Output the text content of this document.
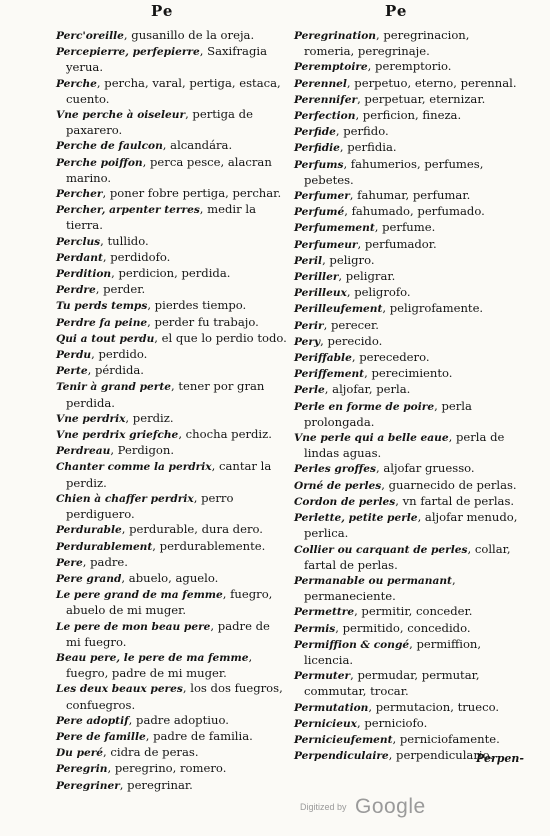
Pe	Pe

Perc'oreille, gusanillo de la oreja.

Percepierre, perfepierre, Saxifragia yerua.

Perche, percha, varal, pertiga, estaca, cuento.

Vne perche à oiseleur, pertiga de paxarero.

Perche de faulcon, alcandára.

Perche poiffon, perca pesce, alacran marino.

Percher, poner fobre pertiga, perchar.

Percher, arpenter terres, medir la tierra.

Perclus, tullido.

Perdant, perdidofo.

Perdition, perdicion, perdida.

Perdre, perder.

Tu perds temps, pierdes tiempo.

Perdre fa peine, perder fu trabajo.

Qui a tout perdu, el que lo perdio todo.

Perdu, perdido.

Perte, pérdida.

Tenir à grand perte, tener por gran perdida.

Vne perdrix, perdiz.

Vne perdrix griefche, chocha perdiz.

Perdreau, Perdigon.

Chanter comme la perdrix, cantar la perdiz.

Chien à chaffer perdrix, perro perdiguero.

Perdurable, perdurable, dura dero.

Perdurablement, perdurablemente.

Pere, padre.

Pere grand, abuelo, aguelo.

Le pere grand de ma femme, fuegro, abuelo de mi muger.

Le pere de mon beau pere, padre de mi fuegro.

Beau pere, le pere de ma femme, fuegro, padre de mi muger.

Les deux beaux peres, los dos fuegros, confuegros.

Pere adoptif, padre adoptiuo.

Pere de famille, padre de familia.

Du peré, cidra de peras.

Peregrin, peregrino, romero.

Peregriner, peregrinar.

Peregrination, peregrinacion, romeria, peregrinaje.

Peremptoire, peremptorio.

Perennel, perpetuo, eterno, perennal.

Perennifer, perpetuar, eternizar.

Perfection, perficion, fineza.

Perfide, perfido.

Perfidie, perfidia.

Perfums, fahumerios, perfumes, pebetes.

Perfumer, fahumar, perfumar.

Perfumé, fahumado, perfumado.

Perfumement, perfume.

Perfumeur, perfumador.

Peril, peligro.

Periller, peligrar.

Perilleux, peligrofo.

Perilleufement, peligrofamente.

Perir, perecer.

Pery, perecido.

Periffable, perecedero.

Periffement, perecimiento.

Perle, aljofar, perla.

Perle en forme de poire, perla prolongada.

Vne perle qui a belle eaue, perla de lindas aguas.

Perles groffes, aljofar gruesso.

Orné de perles, guarnecido de perlas.

Cordon de perles, vn fartal de perlas.

Perlette, petite perle, aljofar menudo, perlica.

Collier ou carquant de perles, collar, fartal de perlas.

Permanable ou permanant, permaneciente.

Permettre, permitir, conceder.

Permis, permitido, concedido.

Permiffion & congé, permiffion, licencia.

Permuter, permudar, permutar, commutar, trocar.

Permutation, permutacion, trueco.

Pernicieux, perniciofo.

Pernicieufement, perniciofamente.

Perpendiculaire, perpendiculario.

Perpen-
Digitized by Google
